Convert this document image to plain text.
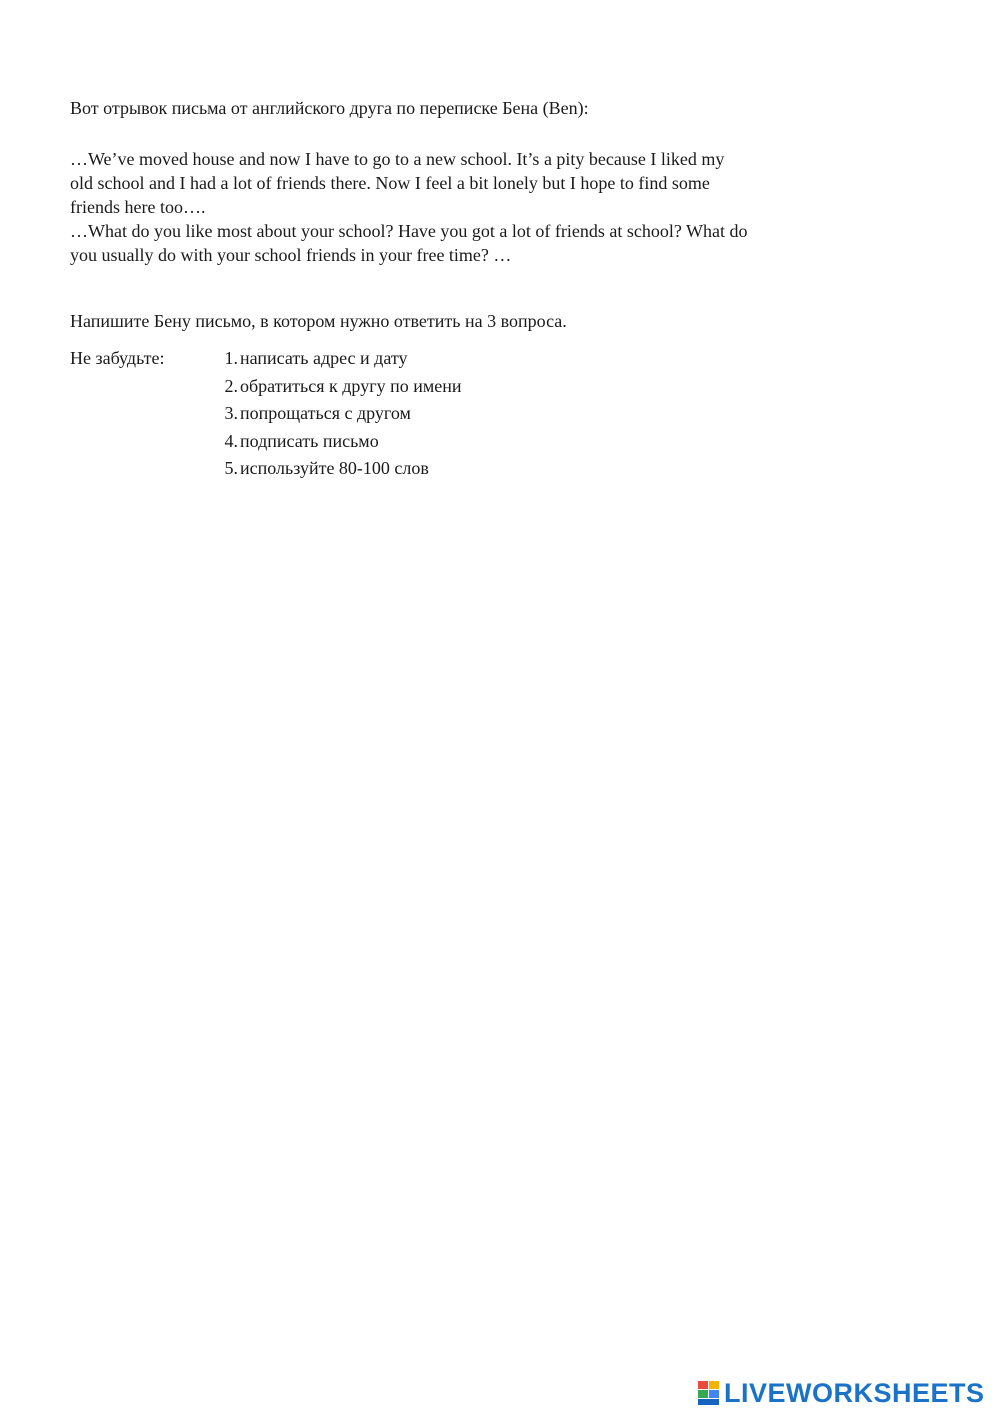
Вот отрывок письма от английского друга по переписке Бена (Ben):
…We’ve moved house and now I have to go to a new school. It’s a pity because I liked my
old school and I had a lot of friends there. Now I feel a bit lonely but I hope to find some
friends here too….
…What do you like most about your school? Have you got a lot of friends at school? What do
you usually do with your school friends in your free time? …
Напишите Бену письмо, в котором нужно ответить на 3 вопроса.
Не забудьте:	1. написать адрес и дату
2. обратиться к другу по имени
3. попрощаться с другом
4. подписать письмо
5. используйте 80-100 слов
LIVEWORKSHEETS
